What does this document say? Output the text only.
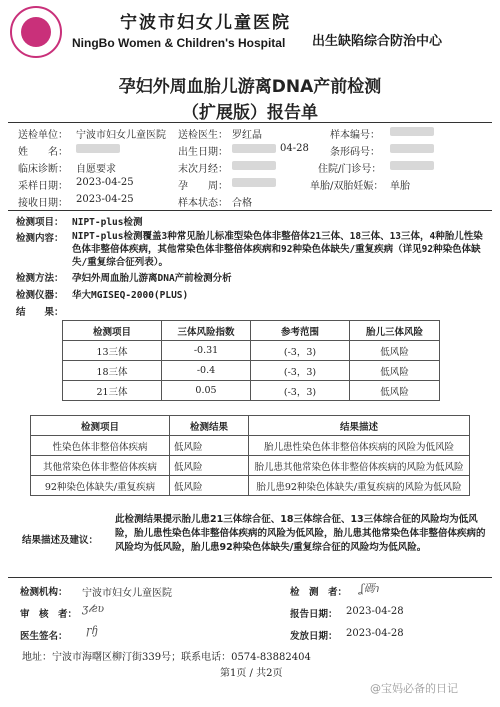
宁波市妇女儿童医院
NingBo Women & Children's Hospital 出生缺陷综合防治中心
孕妇外周血胎儿游离DNA产前检测
（扩展版）报告单
送检单位： 宁波市妇女儿童医院 送检医生： 罗红晶	样本编号：
姓　　名：	出生日期：	04-28 条形码号：
临床诊断： 自愿要求	末次月经：	住院/门诊号：
采样日期： 2023-04-25	孕　　周：	单胎/双胎妊娠： 单胎
接收日期： 2023-04-25	样本状态： 合格
检测项目： NIPT-plus检测
检测内容： NIPT-plus检测覆盖3种常见胎儿标准型染色体非整倍体21三体、18三体、13三体，4种胎儿性染色体非整倍体疾病，其他常染色体非整倍体疾病和92种染色体缺失/重复疾病（详见92种染色体缺失/重复综合征列表）。
检测方法： 孕妇外周血胎儿游离DNA产前检测分析
检测仪器： 华大MGISEQ-2000(PLUS)
结　　果：
检测项目	三体风险指数	参考范围	胎儿三体风险
13三体	-0.31	(-3，3)	低风险
18三体	-0.4	(-3，3)	低风险
21三体	0.05	(-3，3)	低风险
检测项目	检测结果	结果描述
性染色体非整倍体疾病	低风险	胎儿患性染色体非整倍体疾病的风险为低风险
其他常染色体非整倍体疾病	低风险	胎儿患其他常染色体非整倍体疾病的风险为低风险
92种染色体缺失/重复疾病	低风险	胎儿患92种染色体缺失/重复疾病的风险为低风险
结果描述及建议：
此检测结果提示胎儿患21三体综合征、18三体综合征、13三体综合征的风险均为低风险，胎儿患性染色体非整倍体疾病的风险为低风险，胎儿患其他常染色体非整倍体疾病的风险均为低风险，胎儿患92种染色体缺失/重复综合征的风险均为低风险。
检测机构： 宁波市妇女儿童医院	检　测　者： ʆ碼ɿ
审　核　者： ʒ𝓁ƨʋ	报告日期： 2023-04-28
医生签名： ɼɧ	发放日期： 2023-04-28
地址：宁波市海曙区柳汀街339号；联系电话：0574-83882404
第1页 / 共2页
@宝妈必备的日记
